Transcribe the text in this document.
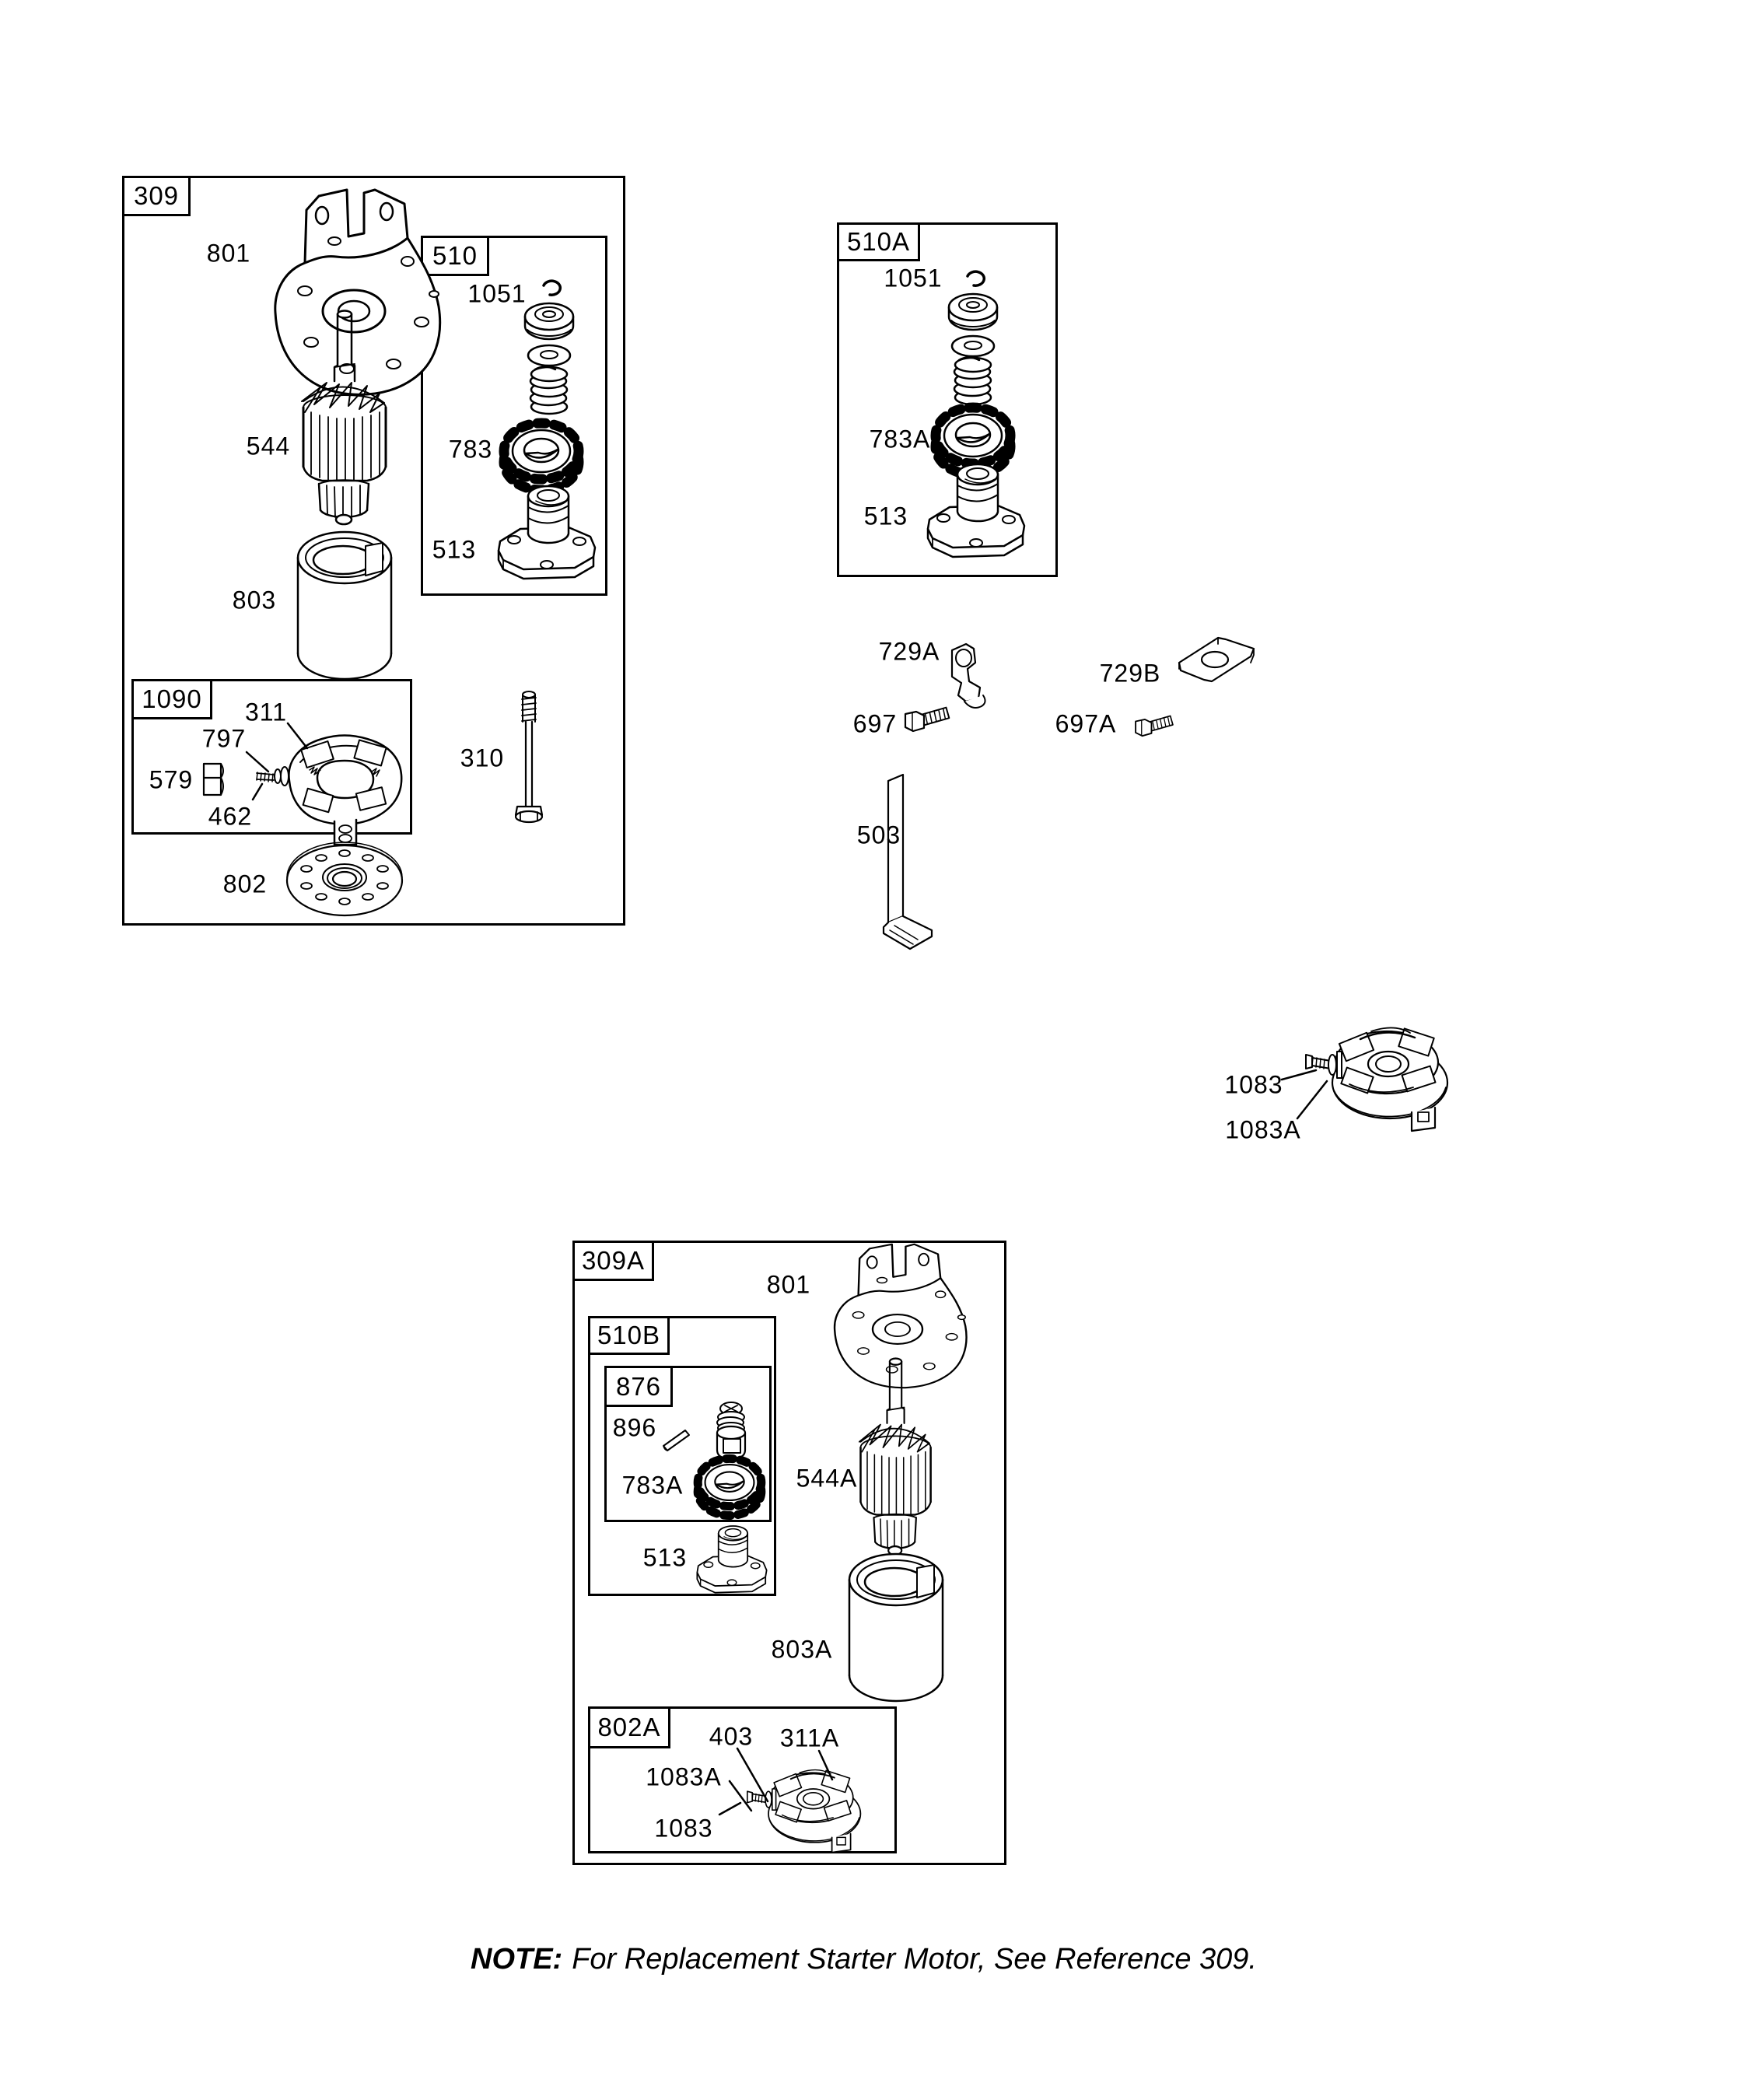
309
510
1090
510A
309A
510B
876
802A
801
1051
544	783
513
803
311
797
579
462
310
802
1051
783A
513
729A
697
729B
697A
503
1083
1083A
801
896
783A
513
544A
803A
403 311A
1083A
1083
NOTE: For Replacement Starter Motor, See Reference 309.
